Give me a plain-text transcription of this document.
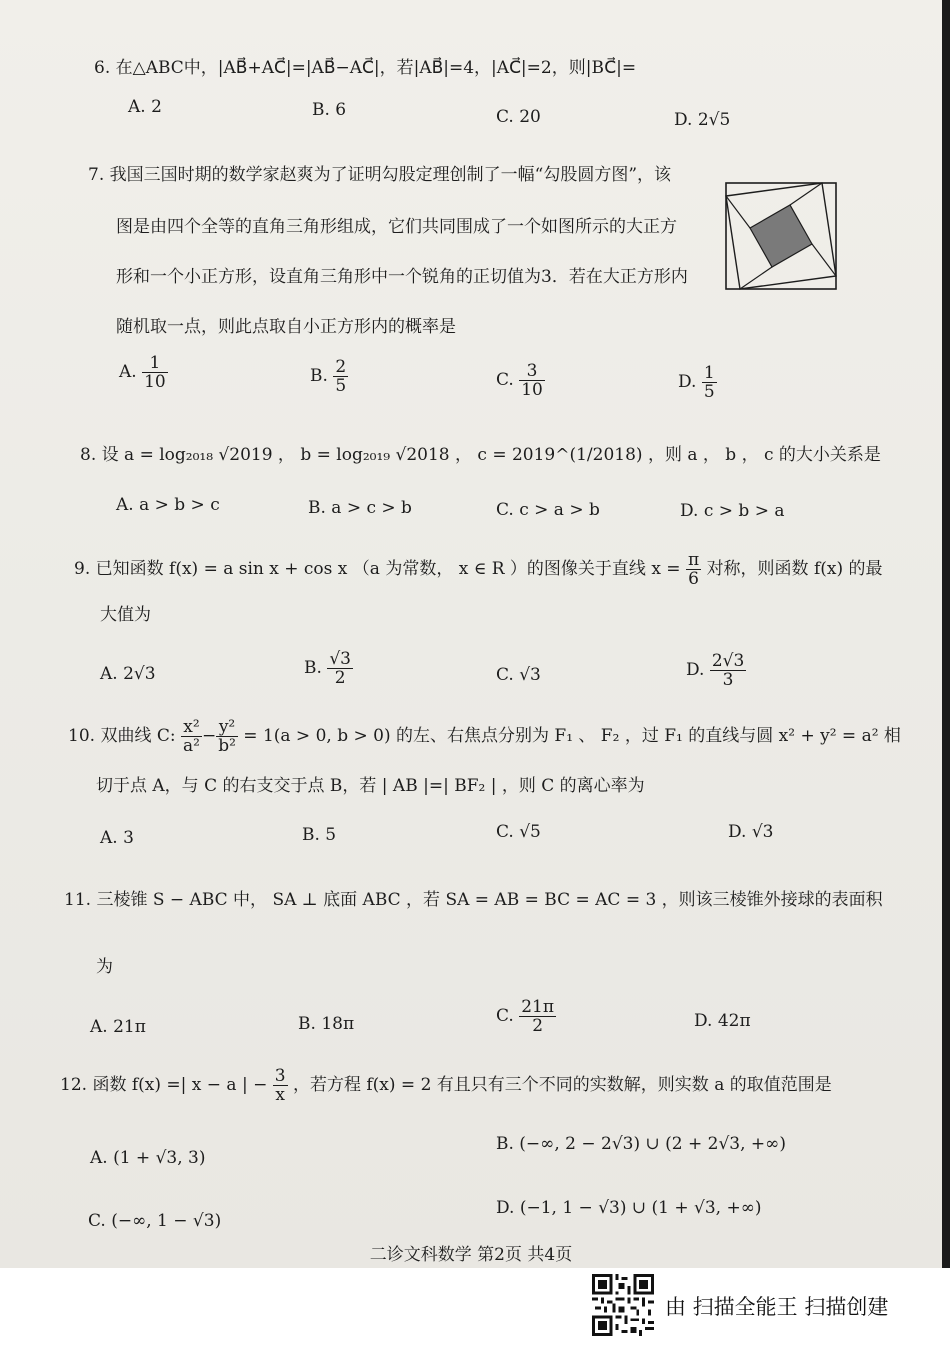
6. 在△ABC中，|AB⃗+AC⃗|=|AB⃗−AC⃗|，若|AB⃗|=4，|AC⃗|=2，则|BC⃗|=
A. 2	B. 6	C. 20	D. 2√5
7. 我国三国时期的数学家赵爽为了证明勾股定理创制了一幅“勾股圆方图”，该
图是由四个全等的直角三角形组成，它们共同围成了一个如图所示的大正方
形和一个小正方形，设直角三角形中一个锐角的正切值为3．若在大正方形内
随机取一点，则此点取自小正方形内的概率是
A. $\frac{1}{10}$	B. $\frac{2}{5}$	C. $\frac{3}{10}$	D. $\frac{1}{5}$
8. 设 a = log₂₀₁₈ √2019 ， b = log₂₀₁₉ √2018 ， c = 2019^(1/2018) ，则 a ， b ， c 的大小关系是
A. a > b > c	B. a > c > b	C. c > a > b	D. c > b > a
9. 已知函数 f(x) = a sin x + cos x （a 为常数， x ∈ R ）的图像关于直线 $x = \frac{\pi}{6}$ 对称，则函数 f(x) 的最
大值为
A. 2√3	B. $\frac{√3}{2}$	C. √3	D. $\frac{2√3}{3}$
10. 双曲线 C: $\frac{\text{x²}}{\text{a²}} - \frac{\text{y²}}{\text{b²}} = 1(a > 0$, b > 0) 的左、右焦点分别为 F₁ 、 F₂ ，过 F₁ 的直线与圆 x² + y² = a² 相
切于点 A，与 C 的右支交于点 B，若 | AB |=| BF₂ | ，则 C 的离心率为
A. 3	B. 5	C. √5	D. √3
11. 三棱锥 S − ABC 中， SA ⊥ 底面 ABC ，若 SA = AB = BC = AC = 3 ，则该三棱锥外接球的表面积
为
A. 21π	B. 18π	C. $\frac{21\pi}{2}$	D. 42π
12. 函数 f(x) =| x − a | − $\frac{3}{x}$ ，若方程 f(x) = 2 有且只有三个不同的实数解，则实数 a 的取值范围是
A. (1 + √3, 3)
B. (−∞, 2 − 2√3) ∪ (2 + 2√3, +∞)
C. (−∞, 1 − √3)
D. (−1, 1 − √3) ∪ (1 + √3, +∞)
二诊文科数学 第2页 共4页
由 扫描全能王 扫描创建
